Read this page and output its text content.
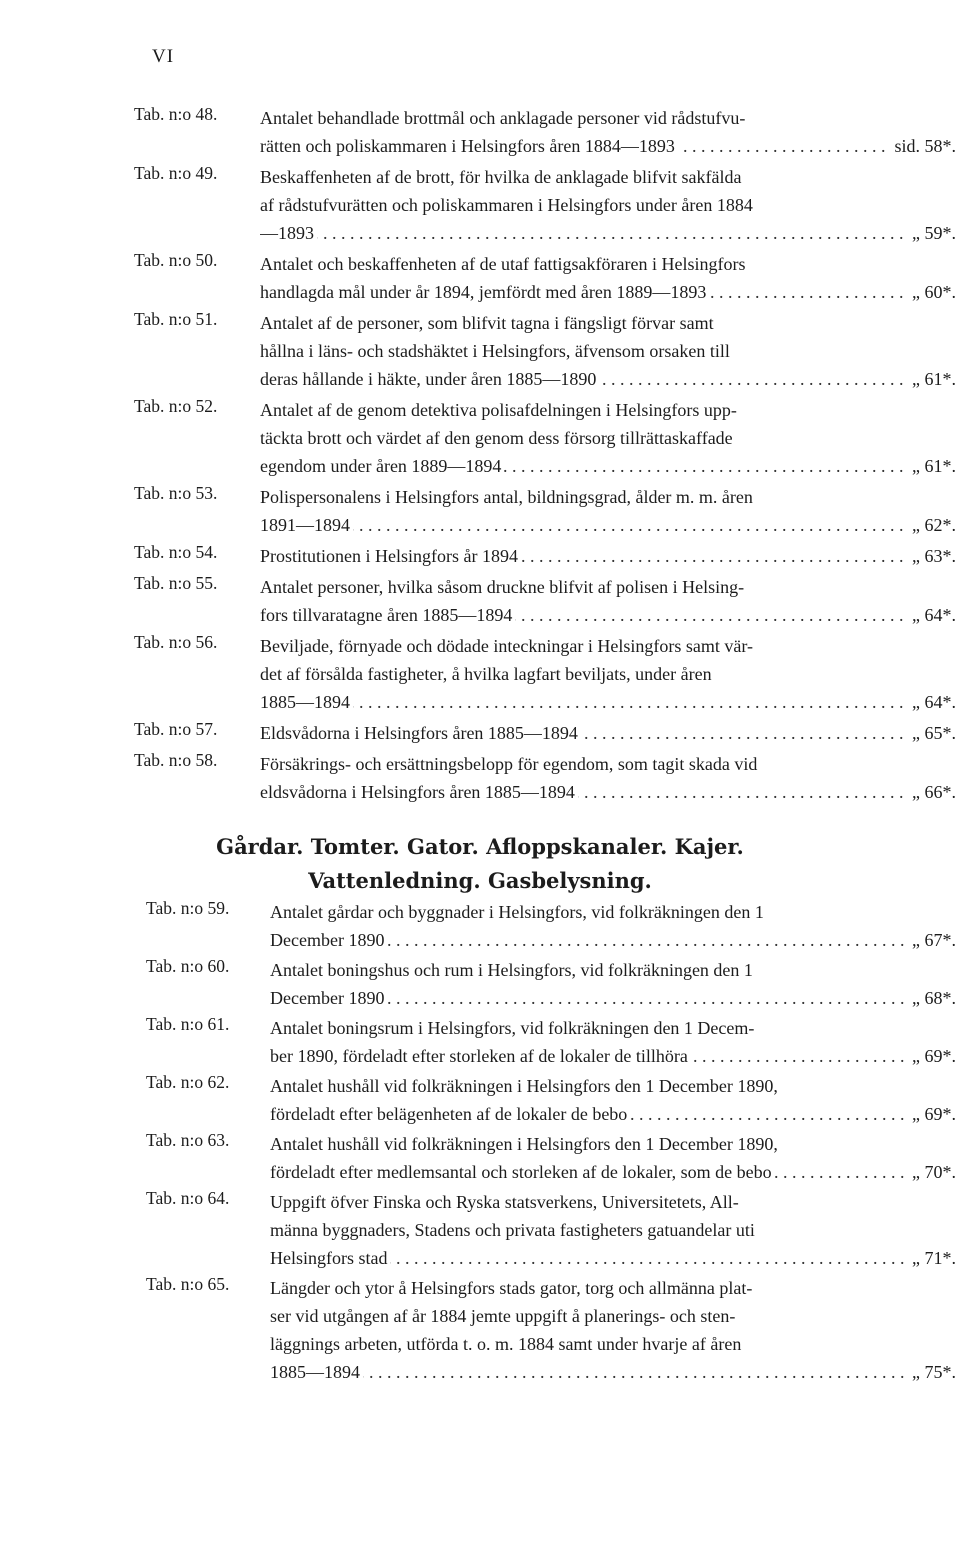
VI
Tab. n:o 48. Antalet behandlade brottmål och anklagade personer vid rådstufvu-
. . . rätten och poliskammaren i Helsingfors åren 1884—1893	sid. 58*.
Tab. n:o 49. Beskaffenheten af de brott, för hvilka de anklagade blifvit sakfälda
af rådstufvurätten och poliskammaren i Helsingfors under åren 1884
. . . —1893	„ 59*.
Tab. n:o 50. Antalet och beskaffenheten af de utaf fattigsakföraren i Helsingfors
. . . handlagda mål under år 1894, jemfördt med åren 1889—1893	„ 60*.
Tab. n:o 51. Antalet af de personer, som blifvit tagna i fängsligt förvar samt
hållna i läns- och stadshäktet i Helsingfors, äfvensom orsaken till
. . . deras hållande i häkte, under åren 1885—1890	„ 61*.
Tab. n:o 52. Antalet af de genom detektiva polisafdelningen i Helsingfors upp-
täckta brott och värdet af den genom dess försorg tillrättaskaffade
. . . egendom under åren 1889—1894	„ 61*.
Tab. n:o 53. Polispersonalens i Helsingfors antal, bildningsgrad, ålder m. m. åren
. . . 1891—1894	„ 62*.
Tab. n:o 54. . . . Prostitutionen i Helsingfors år 1894	„ 63*.
Tab. n:o 55. Antalet personer, hvilka såsom druckne blifvit af polisen i Helsing-
. . . fors tillvaratagne åren 1885—1894	„ 64*.
Tab. n:o 56. Beviljade, förnyade och dödade inteckningar i Helsingfors samt vär-
det af försålda fastigheter, å hvilka lagfart beviljats, under åren
. . . 1885—1894	„ 64*.
Tab. n:o 57. . . . Eldsvådorna i Helsingfors åren 1885—1894	„ 65*.
Tab. n:o 58. Försäkrings- och ersättningsbelopp för egendom, som tagit skada vid
. . . eldsvådorna i Helsingfors åren 1885—1894	„ 66*.
Gårdar. Tomter. Gator. Afloppskanaler. Kajer.
Vattenledning. Gasbelysning.
Tab. n:o 59. Antalet gårdar och byggnader i Helsingfors, vid folkräkningen den 1
. . . December 1890	„ 67*.
Tab. n:o 60. Antalet boningshus och rum i Helsingfors, vid folkräkningen den 1
. . . December 1890	„ 68*.
Tab. n:o 61. Antalet boningsrum i Helsingfors, vid folkräkningen den 1 Decem-
. . . ber 1890, fördeladt efter storleken af de lokaler de tillhöra	„ 69*.
Tab. n:o 62. Antalet hushåll vid folkräkningen i Helsingfors den 1 December 1890,
. . . fördeladt efter belägenheten af de lokaler de bebo	„ 69*.
Tab. n:o 63. Antalet hushåll vid folkräkningen i Helsingfors den 1 December 1890,
. . . fördeladt efter medlemsantal och storleken af de lokaler, som de bebo	„ 70*.
Tab. n:o 64. Uppgift öfver Finska och Ryska statsverkens, Universitetets, All-
männa byggnaders, Stadens och privata fastigheters gatuandelar uti
. . . Helsingfors stad	„ 71*.
Tab. n:o 65. Längder och ytor å Helsingfors stads gator, torg och allmänna plat-
ser vid utgången af år 1884 jemte uppgift å planerings- och sten-
läggnings arbeten, utförda t. o. m. 1884 samt under hvarje af åren
. . . 1885—1894	„ 75*.
